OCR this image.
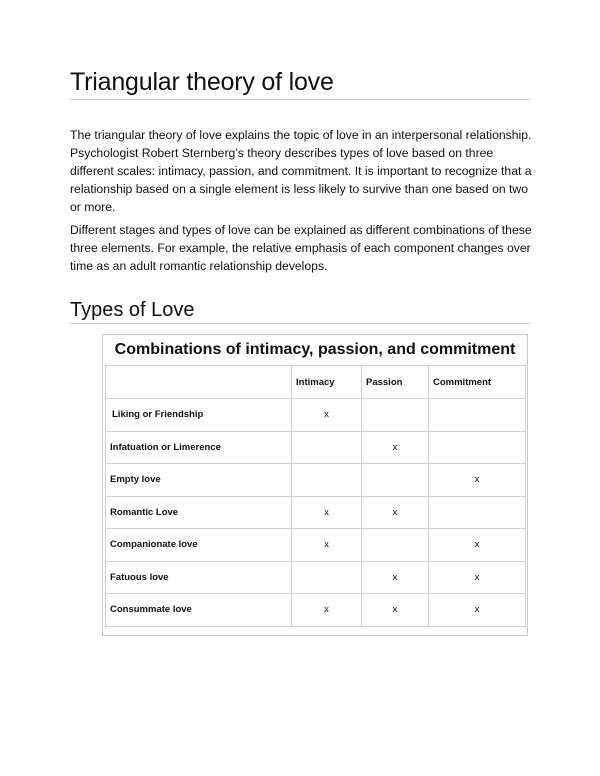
Triangular theory of love

The triangular theory of love explains the topic of love in an interpersonal relationship. Psychologist Robert Sternberg’s theory describes types of love based on three different scales: intimacy, passion, and commitment. It is important to recognize that a relationship based on a single element is less likely to survive than one based on two or more.

Different stages and types of love can be explained as different combinations of these three elements. For example, the relative emphasis of each component changes over time as an adult romantic relationship develops.

Types of Love
Combinations of intimacy, passion, and commitment
	Intimacy	Passion	Commitment
Liking or Friendship	x		
Infatuation or Limerence		x	
Empty love			x
Romantic Love	x	x	
Companionate love	x		x
Fatuous love		x	x
Consummate love	x	x	x
